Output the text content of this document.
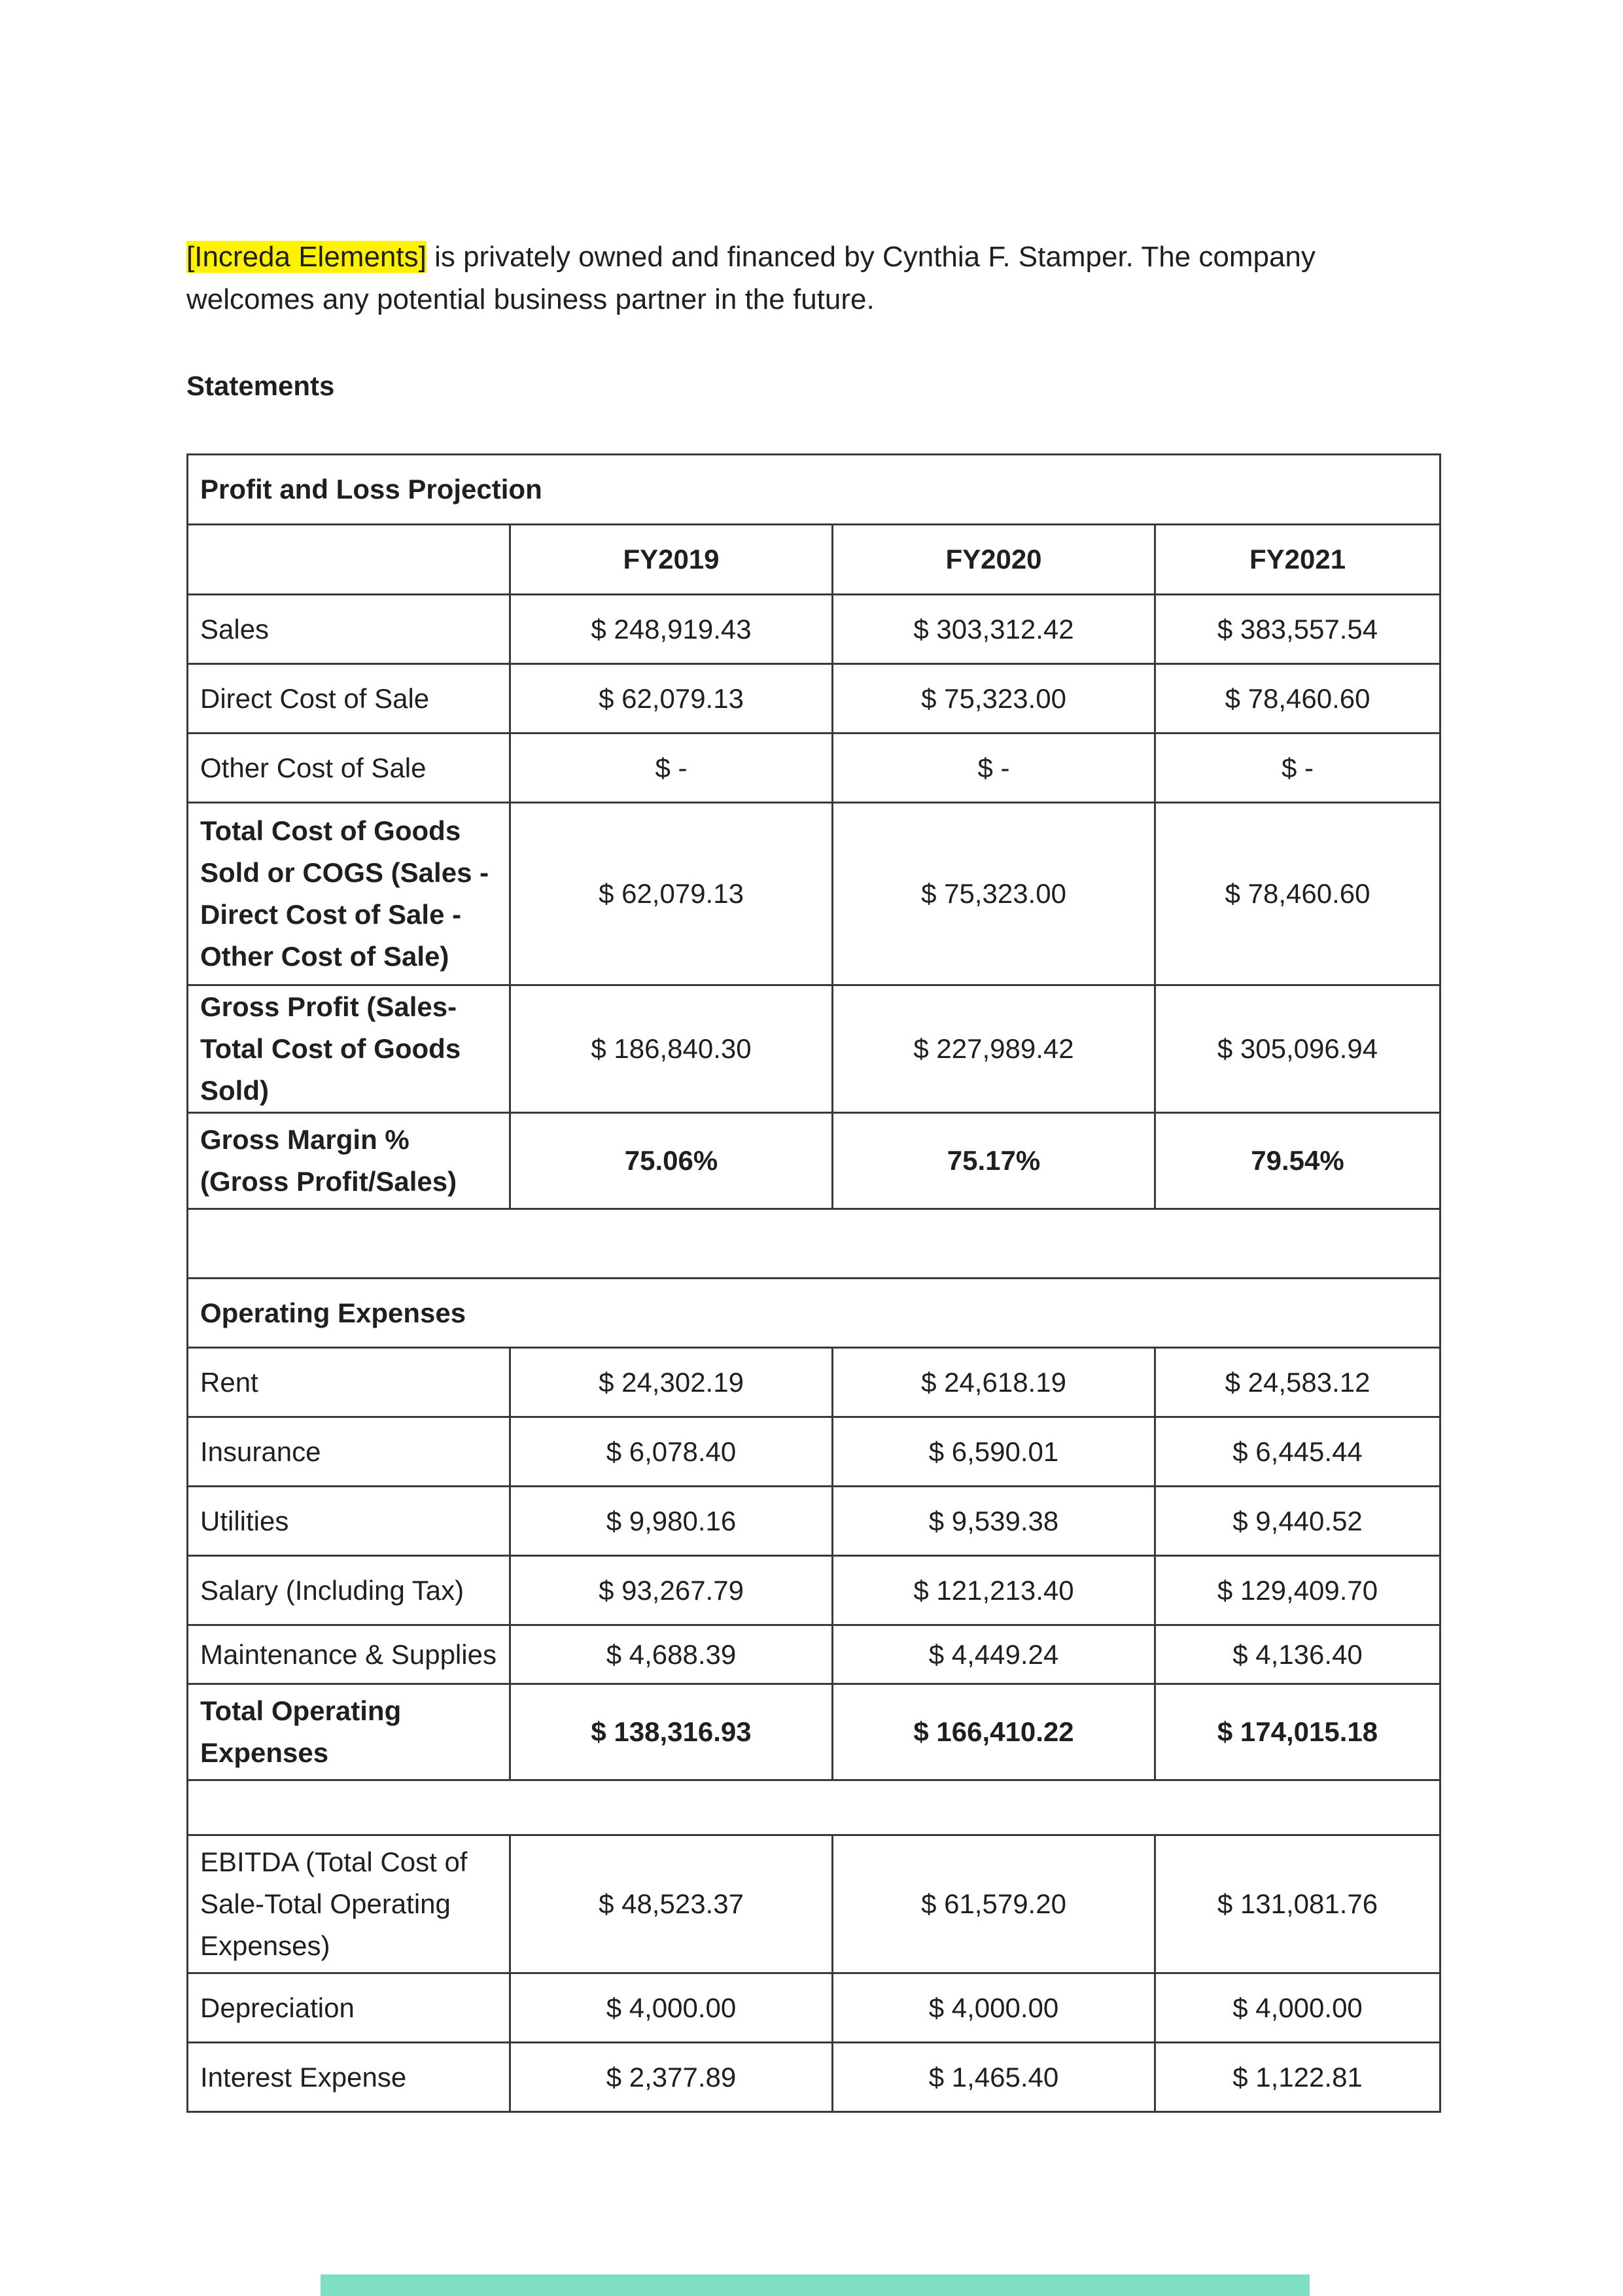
[Increda Elements] is privately owned and financed by Cynthia F. Stamper. The company welcomes any potential business partner in the future.
Statements
Profit and Loss Projection			
	FY2019	FY2020	FY2021
Sales	$ 248,919.43	$ 303,312.42	$ 383,557.54
Direct Cost of Sale	$ 62,079.13	$ 75,323.00	$ 78,460.60
Other Cost of Sale	$ -	$ -	$ -
Total Cost of Goods Sold or COGS (Sales - Direct Cost of Sale - Other Cost of Sale)	$ 62,079.13	$ 75,323.00	$ 78,460.60
Gross Profit (Sales-Total Cost of Goods Sold)	$ 186,840.30	$ 227,989.42	$ 305,096.94
Gross Margin % (Gross Profit/Sales)	75.06%	75.17%	79.54%

Operating Expenses			
Rent	$ 24,302.19	$ 24,618.19	$ 24,583.12
Insurance	$ 6,078.40	$ 6,590.01	$ 6,445.44
Utilities	$ 9,980.16	$ 9,539.38	$ 9,440.52
Salary (Including Tax)	$ 93,267.79	$ 121,213.40	$ 129,409.70
Maintenance & Supplies	$ 4,688.39	$ 4,449.24	$ 4,136.40
Total Operating Expenses	$ 138,316.93	$ 166,410.22	$ 174,015.18

EBITDA (Total Cost of Sale-Total Operating Expenses)	$ 48,523.37	$ 61,579.20	$ 131,081.76
Depreciation	$ 4,000.00	$ 4,000.00	$ 4,000.00
Interest Expense	$ 2,377.89	$ 1,465.40	$ 1,122.81
